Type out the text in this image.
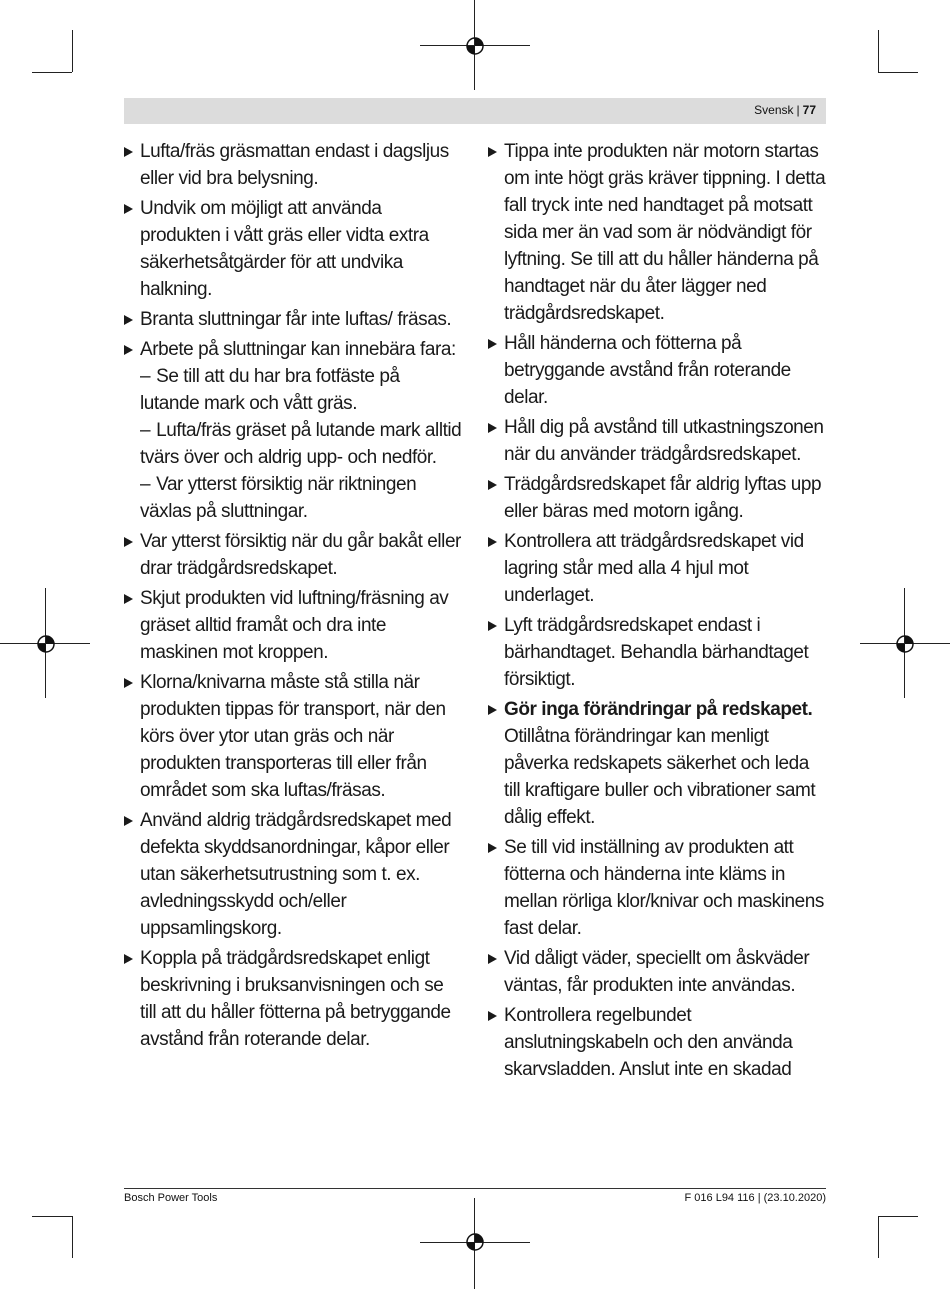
Svensk | 77
Lufta/fräs gräsmattan endast i dagsljus eller vid bra belysning.
Undvik om möjligt att använda produkten i vått gräs eller vidta extra säkerhetsåtgärder för att undvika halkning.
Branta sluttningar får inte luftas/ fräsas.
Arbete på sluttningar kan innebära fara:
– Se till att du har bra fotfäste på lutande mark och vått gräs.
– Lufta/fräs gräset på lutande mark alltid tvärs över och aldrig upp- och nedför.
– Var ytterst försiktig när riktningen växlas på sluttningar.
Var ytterst försiktig när du går bakåt eller drar trädgårdsredskapet.
Skjut produkten vid luftning/fräsning av gräset alltid framåt och dra inte maskinen mot kroppen.
Klorna/knivarna måste stå stilla när produkten tippas för transport, när den körs över ytor utan gräs och när produkten transporteras till eller från området som ska luftas/fräsas.
Använd aldrig trädgårdsredskapet med defekta skyddsanordningar, kåpor eller utan säkerhetsutrustning som t. ex. avledningsskydd och/eller uppsamlingskorg.
Koppla på trädgårdsredskapet enligt beskrivning i bruksanvisningen och se till att du håller fötterna på betryggande avstånd från roterande delar.
Tippa inte produkten när motorn startas om inte högt gräs kräver tippning. I detta fall tryck inte ned handtaget på motsatt sida mer än vad som är nödvändigt för lyftning. Se till att du håller händerna på handtaget när du åter lägger ned trädgårdsredskapet.
Håll händerna och fötterna på betryggande avstånd från roterande delar.
Håll dig på avstånd till utkastningszonen när du använder trädgårdsredskapet.
Trädgårdsredskapet får aldrig lyftas upp eller bäras med motorn igång.
Kontrollera att trädgårdsredskapet vid lagring står med alla 4 hjul mot underlaget.
Lyft trädgårdsredskapet endast i bärhandtaget. Behandla bärhandtaget försiktigt.
Gör inga förändringar på redskapet. Otillåtna förändringar kan menligt påverka redskapets säkerhet och leda till kraftigare buller och vibrationer samt dålig effekt.
Se till vid inställning av produkten att fötterna och händerna inte kläms in mellan rörliga klor/knivar och maskinens fast delar.
Vid dåligt väder, speciellt om åskväder väntas, får produkten inte användas.
Kontrollera regelbundet anslutningskabeln och den använda skarvsladden. Anslut inte en skadad
Bosch Power Tools	F 016 L94 116 | (23.10.2020)
